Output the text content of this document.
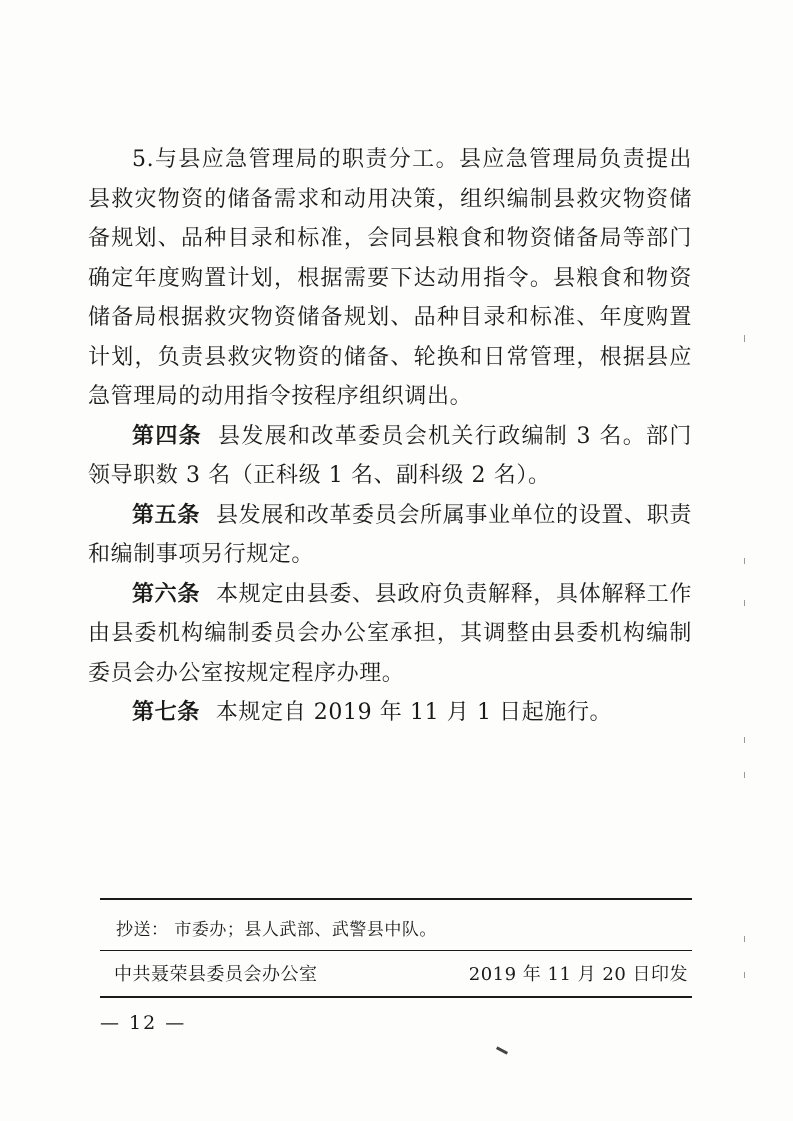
5.与县应急管理局的职责分工。县应急管理局负责提出县救灾物资的储备需求和动用决策，组织编制县救灾物资储备规划、品种目录和标准，会同县粮食和物资储备局等部门确定年度购置计划，根据需要下达动用指令。县粮食和物资储备局根据救灾物资储备规划、品种目录和标准、年度购置计划，负责县救灾物资的储备、轮换和日常管理，根据县应急管理局的动用指令按程序组织调出。

第四条 县发展和改革委员会机关行政编制 3 名。部门领导职数 3 名（正科级 1 名、副科级 2 名）。

第五条 县发展和改革委员会所属事业单位的设置、职责和编制事项另行规定。

第六条 本规定由县委、县政府负责解释，具体解释工作由县委机构编制委员会办公室承担，其调整由县委机构编制委员会办公室按规定程序办理。

第七条 本规定自 2019 年 11 月 1 日起施行。

抄送： 市委办；县人武部、武警县中队。
中共聂荣县委员会办公室	2019 年 11 月 20 日印发
— 12 —
